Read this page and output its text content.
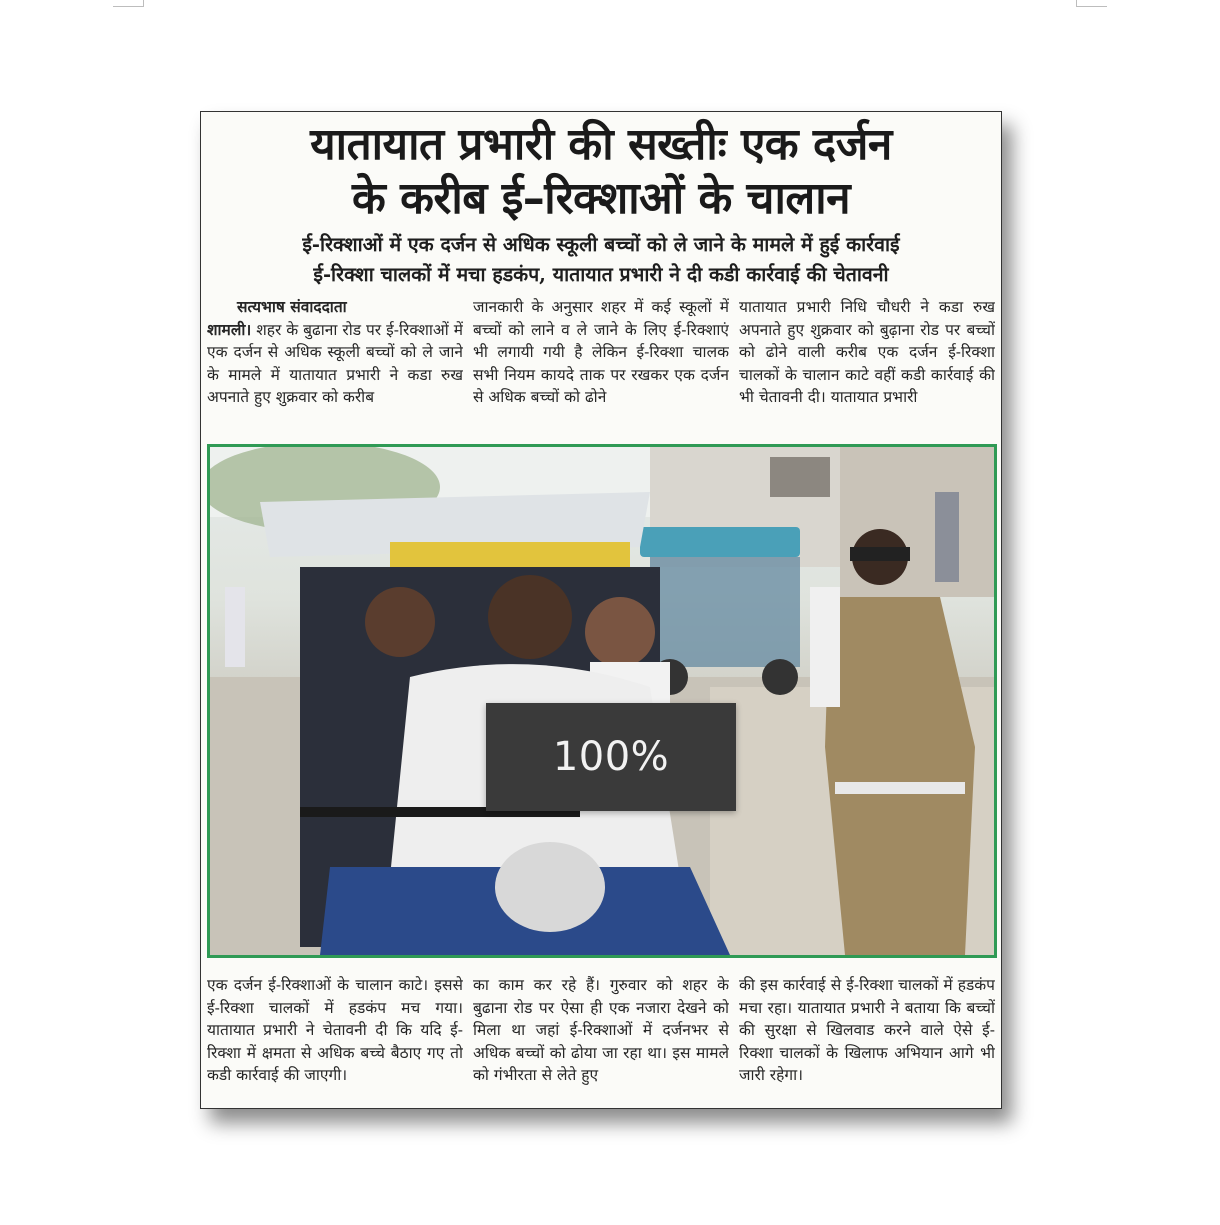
यातायात प्रभारी की सख्तीः एक दर्जन
के करीब ई–रिक्शाओं के चालान
ई-रिक्शाओं में एक दर्जन से अधिक स्कूली बच्चों को ले जाने के मामले में हुई कार्रवाई
ई-रिक्शा चालकों में मचा हडकंप, यातायात प्रभारी ने दी कडी कार्रवाई की चेतावनी
सत्यभाष संवाददाता
शामली। शहर के बुढाना रोड पर ई-रिक्शाओं में एक दर्जन से अधिक स्कूली बच्चों को ले जाने के मामले में यातायात प्रभारी ने कडा रुख अपनाते हुए शुक्रवार को करीब
जानकारी के अनुसार शहर में कई स्कूलों में बच्चों को लाने व ले जाने के लिए ई-रिक्शाएं भी लगायी गयी है लेकिन ई-रिक्शा चालक सभी नियम कायदे ताक पर रखकर एक दर्जन से अधिक बच्चों को ढोने
यातायात प्रभारी निधि चौधरी ने कडा रुख अपनाते हुए शुक्रवार को बुढ़ाना रोड पर बच्चों को ढोने वाली करीब एक दर्जन ई-रिक्शा चालकों के चालान काटे वहीं कडी कार्रवाई की भी चेतावनी दी। यातायात प्रभारी
एक दर्जन ई-रिक्शाओं के चालान काटे। इससे ई-रिक्शा चालकों में हडकंप मच गया। यातायात प्रभारी ने चेतावनी दी कि यदि ई-रिक्शा में क्षमता से अधिक बच्चे बैठाए गए तो कडी कार्रवाई की जाएगी।
का काम कर रहे हैं। गुरुवार को शहर के बुढाना रोड पर ऐसा ही एक नजारा देखने को मिला था जहां ई-रिक्शाओं में दर्जनभर से अधिक बच्चों को ढोया जा रहा था। इस मामले को गंभीरता से लेते हुए
की इस कार्रवाई से ई-रिक्शा चालकों में हडकंप मचा रहा। यातायात प्रभारी ने बताया कि बच्चों की सुरक्षा से खिलवाड करने वाले ऐसे ई-रिक्शा चालकों के खिलाफ अभियान आगे भी जारी रहेगा।
100%
